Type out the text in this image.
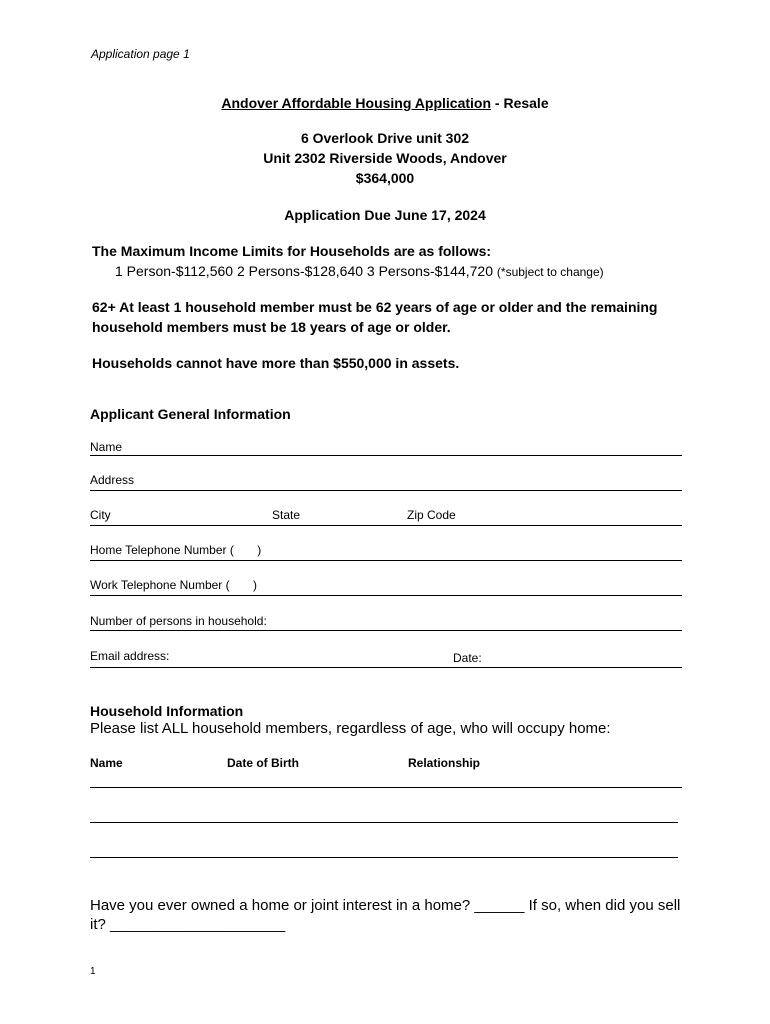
Application page 1
Andover Affordable Housing Application - Resale
6 Overlook Drive unit 302
Unit 2302 Riverside Woods, Andover
$364,000
Application Due June 17, 2024
The Maximum Income Limits for Households are as follows:
1 Person-$112,560 2 Persons-$128,640 3 Persons-$144,720 (*subject to change)
62+ At least 1 household member must be 62 years of age or older and the remaining household members must be 18 years of age or older.
Households cannot have more than $550,000 in assets.
Applicant General Information
Name
Address
City	State	Zip Code
Home Telephone Number (       )
Work Telephone Number (       )
Number of persons in household:
Email address:	Date:
Household Information
Please list ALL household members, regardless of age, who will occupy home:
Name	Date of Birth	Relationship
Have you ever owned a home or joint interest in a home? ______ If so, when did you sell it? _____________________
1
